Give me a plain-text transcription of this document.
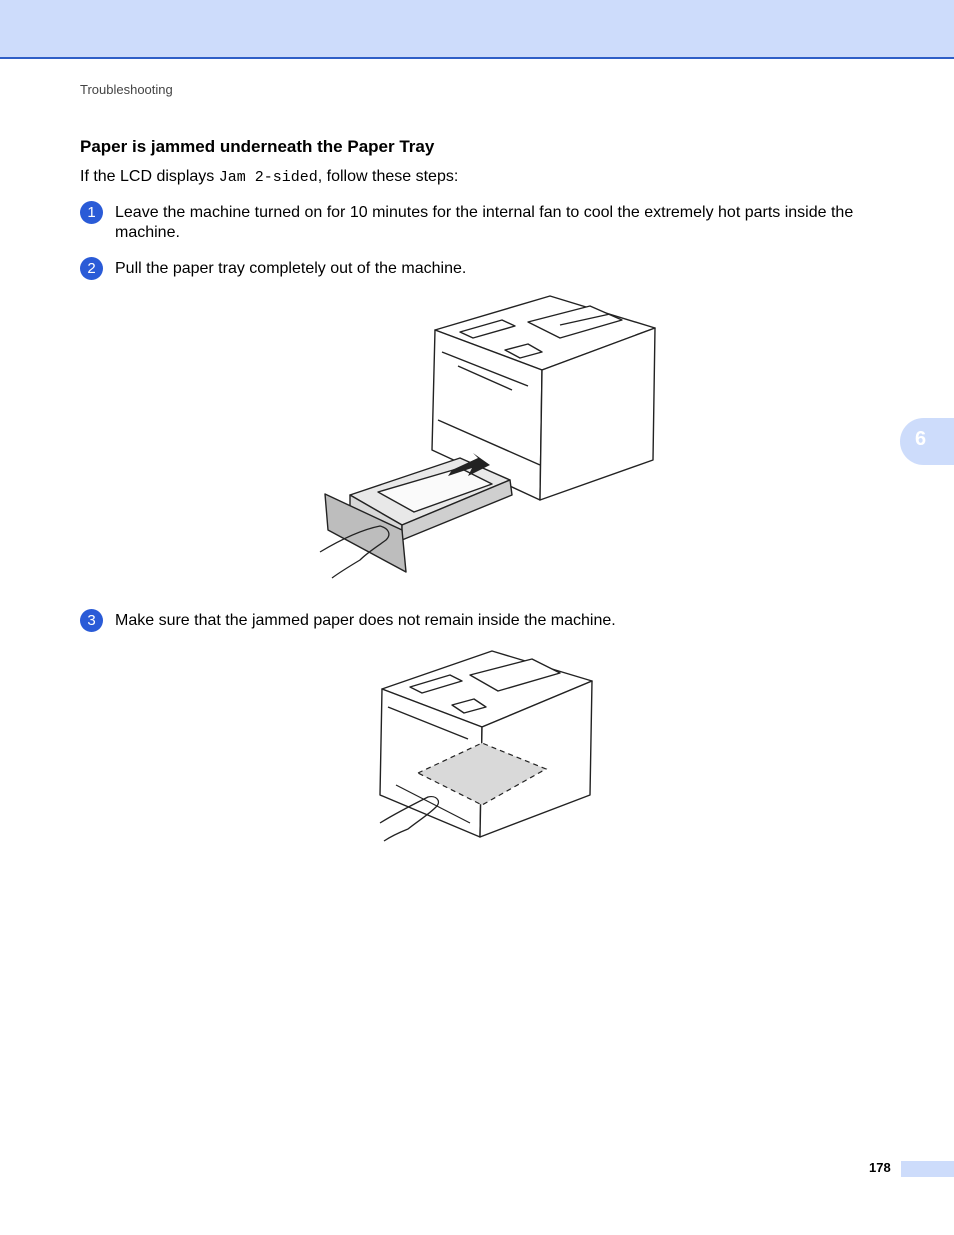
Troubleshooting
Paper is jammed underneath the Paper Tray
If the LCD displays Jam 2-sided, follow these steps:
1	Leave the machine turned on for 10 minutes for the internal fan to cool the extremely hot parts inside the machine.
2	Pull the paper tray completely out of the machine.
3	Make sure that the jammed paper does not remain inside the machine.
6
178
